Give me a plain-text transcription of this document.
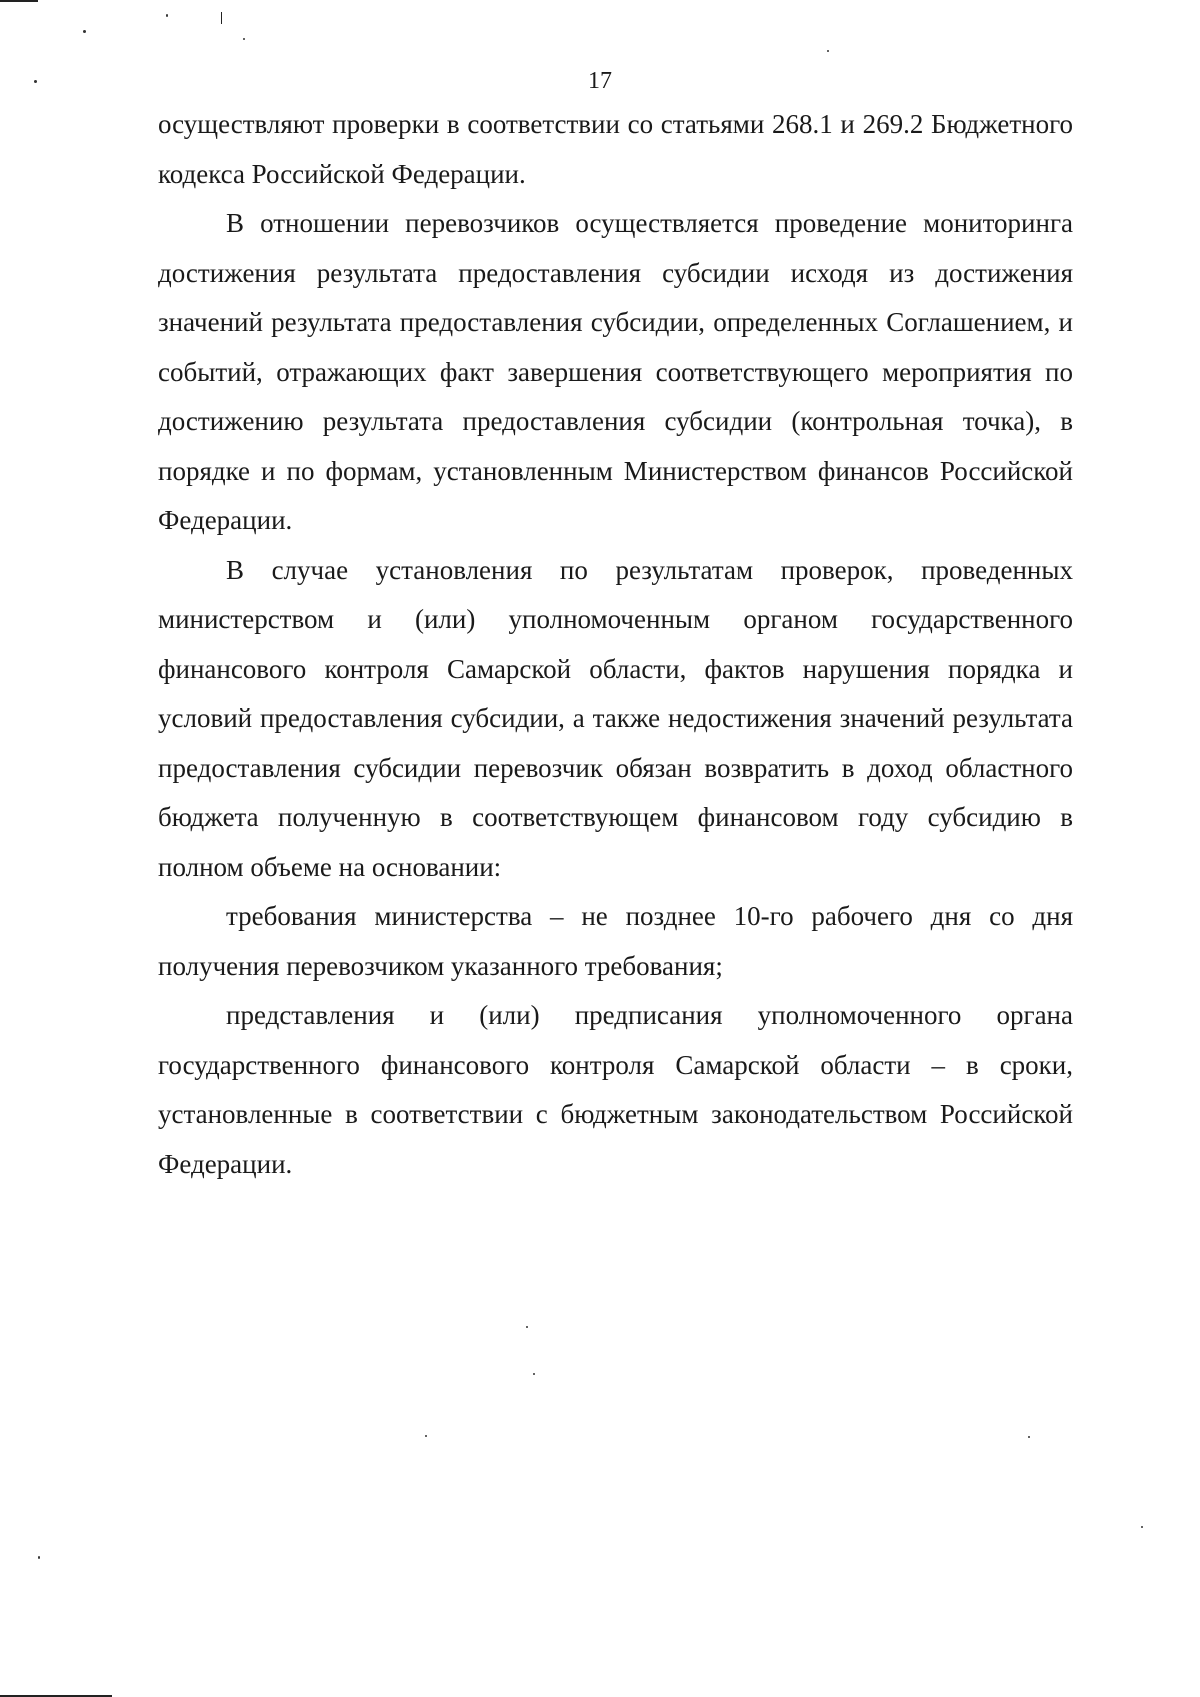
17

осуществляют проверки в соответствии со статьями 268.1 и 269.2 Бюджетного кодекса Российской Федерации.

В отношении перевозчиков осуществляется проведение мониторинга достижения результата предоставления субсидии исходя из достижения значений результата предоставления субсидии, определенных Соглашением, и событий, отражающих факт завершения соответствующего мероприятия по достижению результата предоставления субсидии (контрольная точка), в порядке и по формам, установленным Министерством финансов Российской Федерации.

В случае установления по результатам проверок, проведенных министерством и (или) уполномоченным органом государственного финансового контроля Самарской области, фактов нарушения порядка и условий предоставления субсидии, а также недостижения значений результата предоставления субсидии перевозчик обязан возвратить в доход областного бюджета полученную в соответствующем финансовом году субсидию в полном объеме на основании:

требования министерства – не позднее 10-го рабочего дня со дня получения перевозчиком указанного требования;

представления и (или) предписания уполномоченного органа государственного финансового контроля Самарской области – в сроки, установленные в соответствии с бюджетным законодательством Российской Федерации.
